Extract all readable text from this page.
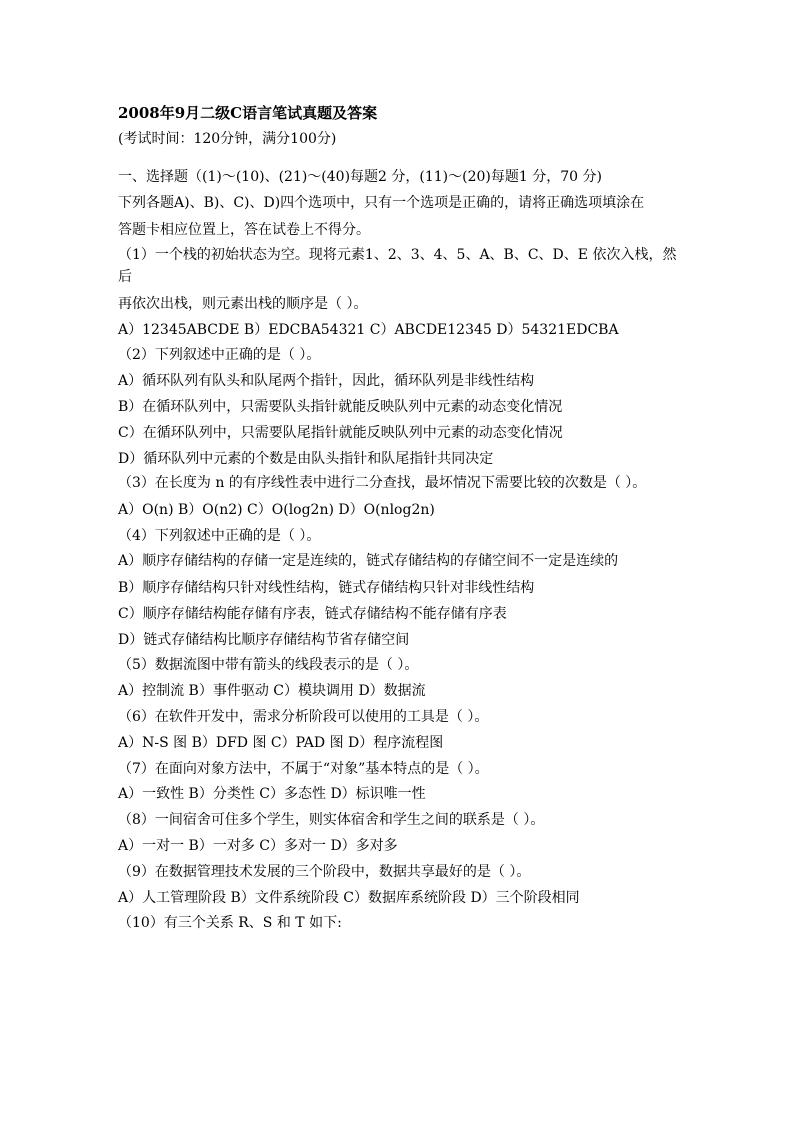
2008年9月二级C语言笔试真题及答案

(考试时间：120分钟，满分100分)

一、选择题（(1)～(10)、(21)～(40)每题2 分，(11)～(20)每题1 分，70 分)

下列各题A)、B)、C)、D)四个选项中，只有一个选项是正确的，请将正确选项填涂在

答题卡相应位置上，答在试卷上不得分。

（1）一个栈的初始状态为空。现将元素1、2、3、4、5、A、B、C、D、E 依次入栈，然后

再依次出栈，则元素出栈的顺序是（ ）。

A）12345ABCDE B）EDCBA54321 C）ABCDE12345 D）54321EDCBA

（2）下列叙述中正确的是（ ）。

A）循环队列有队头和队尾两个指针，因此，循环队列是非线性结构

B）在循环队列中，只需要队头指针就能反映队列中元素的动态变化情况

C）在循环队列中，只需要队尾指针就能反映队列中元素的动态变化情况

D）循环队列中元素的个数是由队头指针和队尾指针共同决定

（3）在长度为 n 的有序线性表中进行二分查找，最坏情况下需要比较的次数是（ ）。

A）O(n) B）O(n2) C）O(log2n) D）O(nlog2n)

（4）下列叙述中正确的是（ ）。

A）顺序存储结构的存储一定是连续的，链式存储结构的存储空间不一定是连续的

B）顺序存储结构只针对线性结构，链式存储结构只针对非线性结构

C）顺序存储结构能存储有序表，链式存储结构不能存储有序表

D）链式存储结构比顺序存储结构节省存储空间

（5）数据流图中带有箭头的线段表示的是（ ）。

A）控制流 B）事件驱动 C）模块调用 D）数据流

（6）在软件开发中，需求分析阶段可以使用的工具是（ ）。

A）N-S 图 B）DFD 图 C）PAD 图 D）程序流程图

（7）在面向对象方法中，不属于“对象”基本特点的是（ ）。

A）一致性 B）分类性 C）多态性 D）标识唯一性

（8）一间宿舍可住多个学生，则实体宿舍和学生之间的联系是（ ）。

A）一对一 B）一对多 C）多对一 D）多对多

（9）在数据管理技术发展的三个阶段中，数据共享最好的是（ ）。

A）人工管理阶段 B）文件系统阶段 C）数据库系统阶段 D）三个阶段相同

（10）有三个关系 R、S 和 T 如下:
